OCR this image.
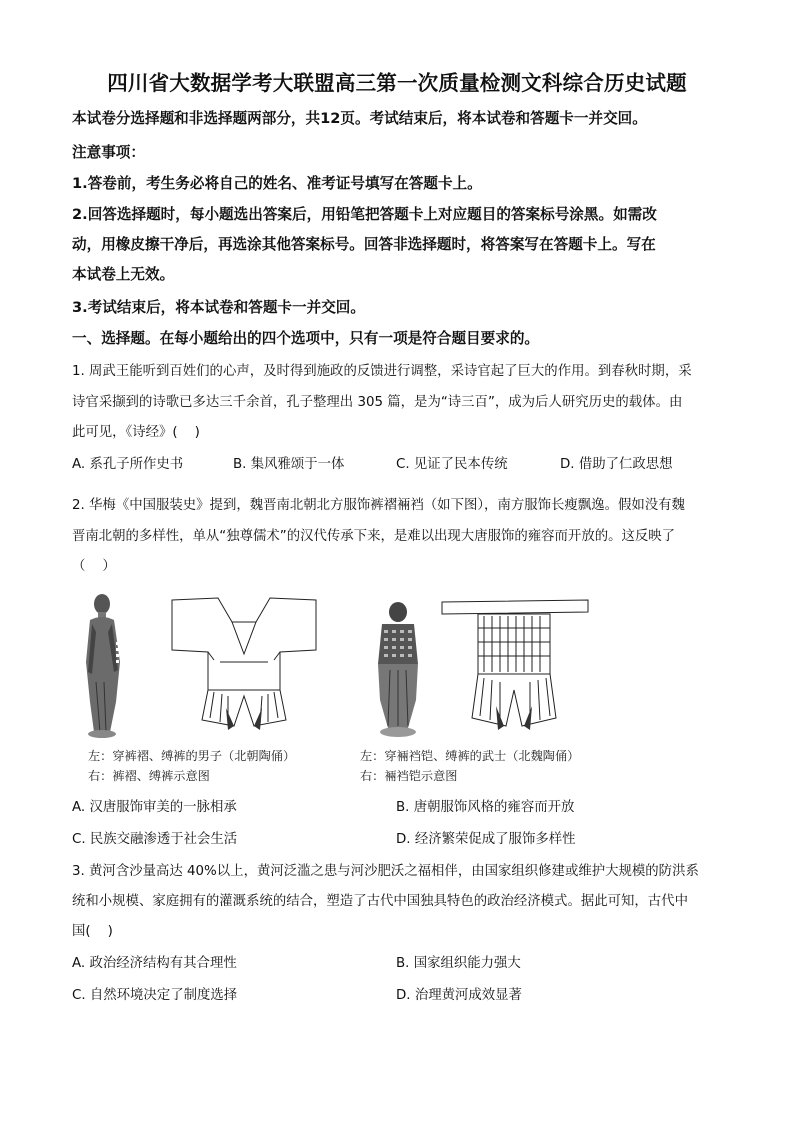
四川省大数据学考大联盟高三第一次质量检测文科综合历史试题
本试卷分选择题和非选择题两部分，共12页。考试结束后，将本试卷和答题卡一并交回。
注意事项：
1.答卷前，考生务必将自己的姓名、准考证号填写在答题卡上。
2.回答选择题时，每小题选出答案后，用铅笔把答题卡上对应题目的答案标号涂黑。如需改
动，用橡皮擦干净后，再选涂其他答案标号。回答非选择题时，将答案写在答题卡上。写在
本试卷上无效。
3.考试结束后，将本试卷和答题卡一并交回。
一、选择题。在每小题给出的四个选项中，只有一项是符合题目要求的。
1. 周武王能听到百姓们的心声，及时得到施政的反馈进行调整，采诗官起了巨大的作用。到春秋时期，采
诗官采撷到的诗歌已多达三千余首，孔子整理出 305 篇，是为“诗三百”，成为后人研究历史的载体。由
此可见，《诗经》(    )
A. 系孔子所作史书	B. 集风雅颂于一体	C. 见证了民本传统	D. 借助了仁政思想
2. 华梅《中国服装史》提到，魏晋南北朝北方服饰裤褶裲裆（如下图），南方服饰长瘦飘逸。假如没有魏
晋南北朝的多样性，单从“独尊儒术”的汉代传承下来，是难以出现大唐服饰的雍容而开放的。这反映了
（    ）
左：穿裤褶、缚裤的男子（北朝陶俑）
右：裤褶、缚裤示意图
左：穿裲裆铠、缚裤的武士（北魏陶俑）
右：裲裆铠示意图
A. 汉唐服饰审美的一脉相承	B. 唐朝服饰风格的雍容而开放
C. 民族交融渗透于社会生活	D. 经济繁荣促成了服饰多样性
3. 黄河含沙量高达 40%以上，黄河泛滥之患与河沙肥沃之福相伴，由国家组织修建或维护大规模的防洪系
统和小规模、家庭拥有的灌溉系统的结合，塑造了古代中国独具特色的政治经济模式。据此可知，古代中
国(    )
A. 政治经济结构有其合理性	B. 国家组织能力强大
C. 自然环境决定了制度选择	D. 治理黄河成效显著
